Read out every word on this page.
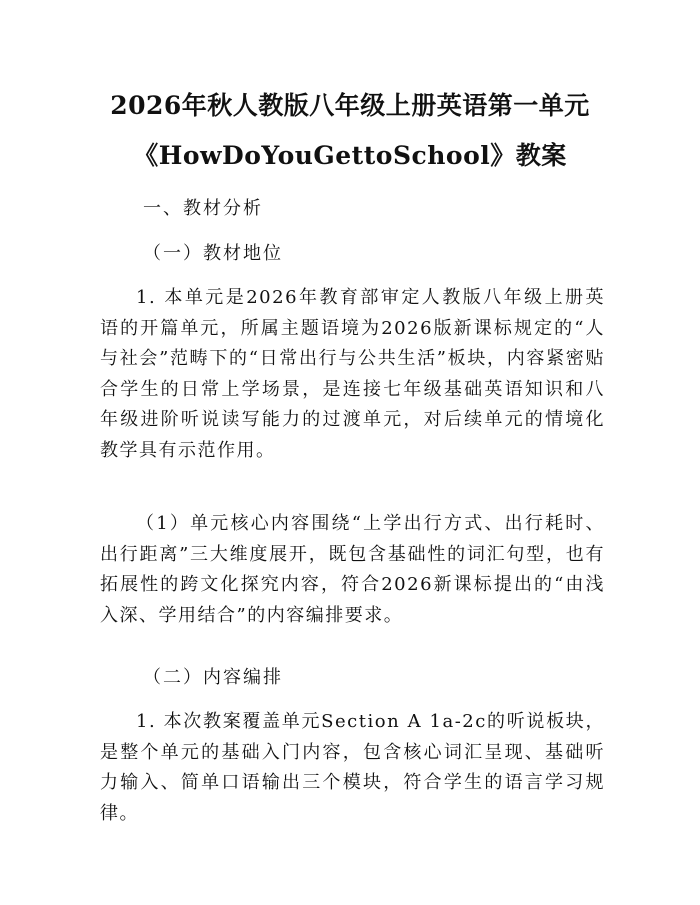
2026年秋人教版八年级上册英语第一单元
《HowDoYouGettoSchool》教案
一、教材分析
（一）教材地位
1. 本单元是2026年教育部审定人教版八年级上册英语的开篇单元，所属主题语境为2026版新课标规定的“人与社会”范畴下的“日常出行与公共生活”板块，内容紧密贴合学生的日常上学场景，是连接七年级基础英语知识和八年级进阶听说读写能力的过渡单元，对后续单元的情境化教学具有示范作用。
（1）单元核心内容围绕“上学出行方式、出行耗时、出行距离”三大维度展开，既包含基础性的词汇句型，也有拓展性的跨文化探究内容，符合2026新课标提出的“由浅入深、学用结合”的内容编排要求。
（二）内容编排
1. 本次教案覆盖单元Section A 1a-2c的听说板块，是整个单元的基础入门内容，包含核心词汇呈现、基础听力输入、简单口语输出三个模块，符合学生的语言学习规律。
